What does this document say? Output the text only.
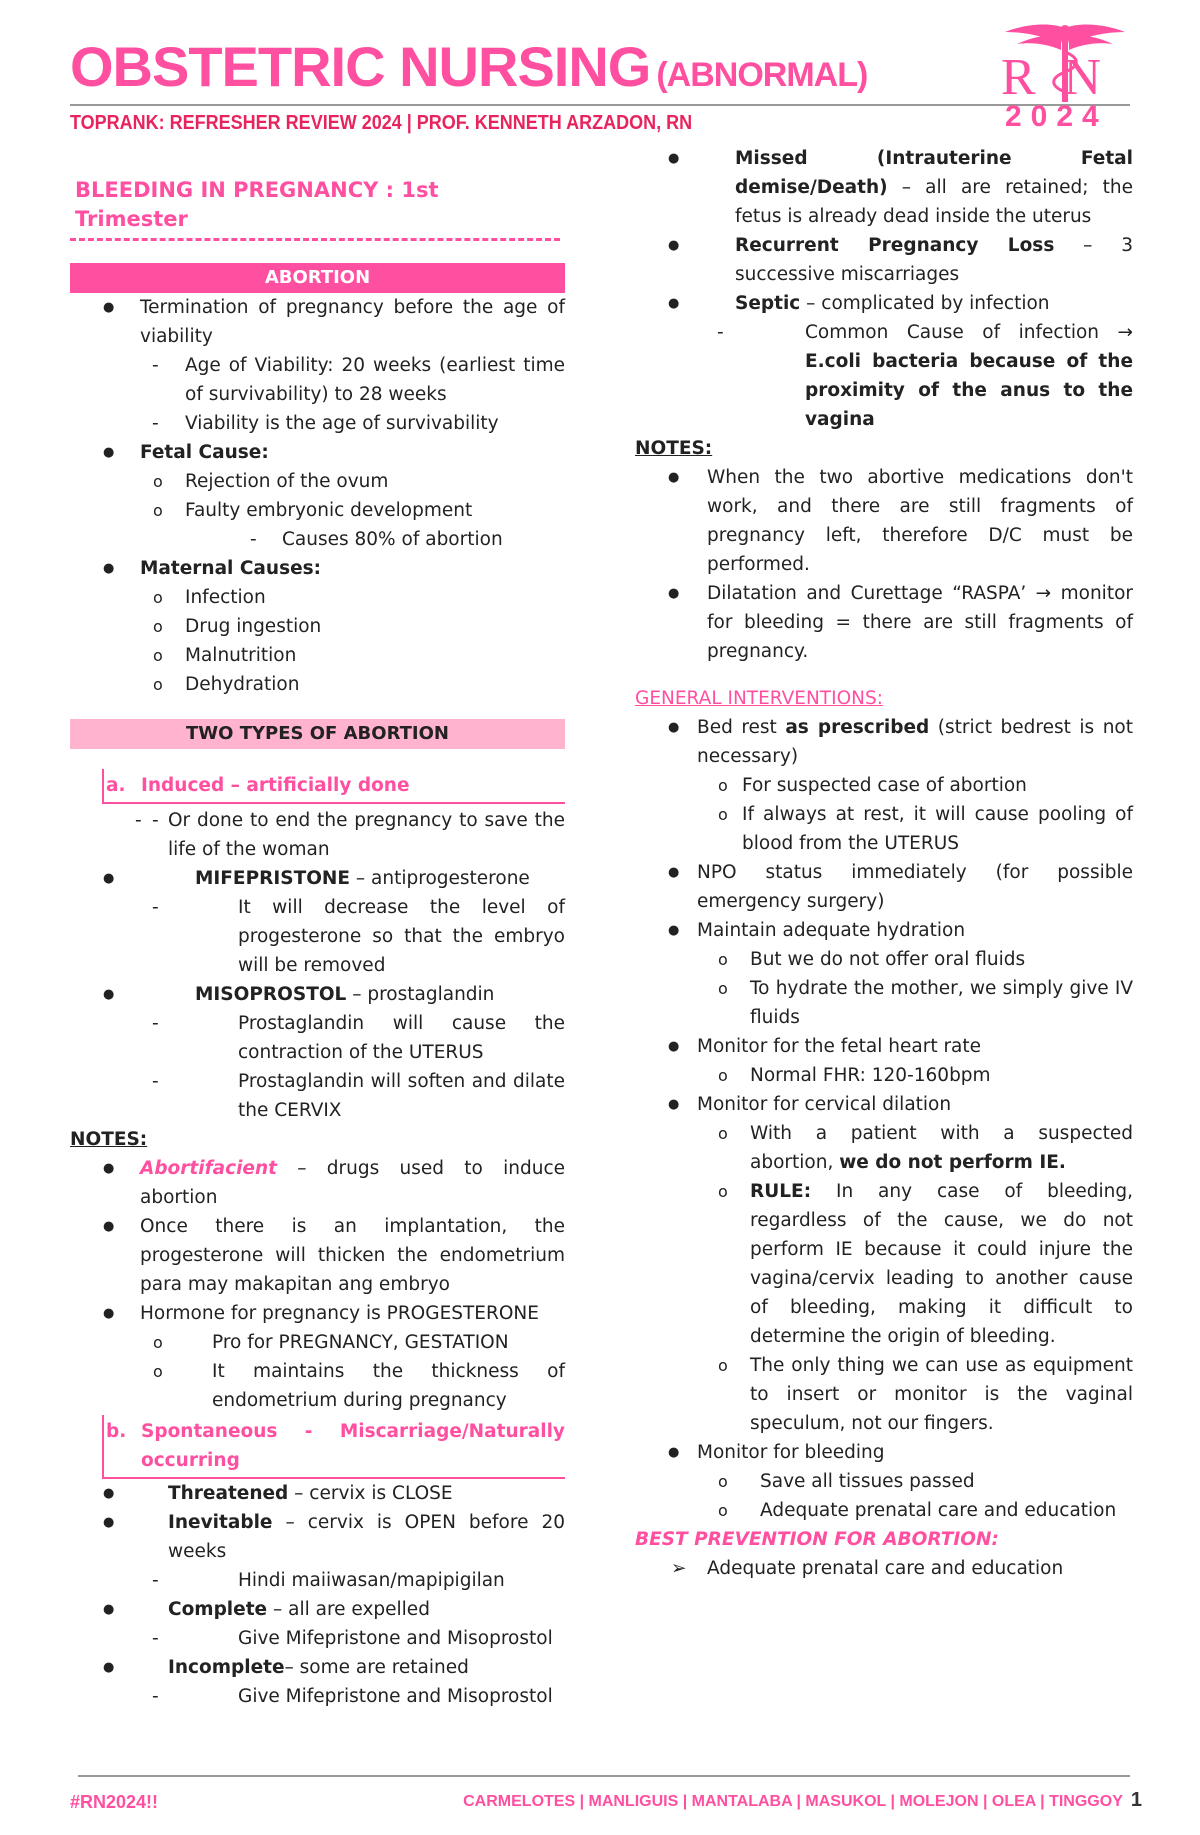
OBSTETRIC NURSING (ABNORMAL)
TOPRANK: REFRESHER REVIEW 2024 | PROF. KENNETH ARZADON, RN
RN
2024
BLEEDING IN PREGNANCY : 1st Trimester
ABORTION
● Termination of pregnancy before the age of viability
- Age of Viability: 20 weeks (earliest time of survivability) to 28 weeks
- Viability is the age of survivability
● Fetal Cause:
o Rejection of the ovum
o Faulty embryonic development
- Causes 80% of abortion
● Maternal Causes:
o Infection
o Drug ingestion
o Malnutrition
o Dehydration
TWO TYPES OF ABORTION
a. Induced – artificially done
- Or done to end the pregnancy to save the life of the woman
-
● MIFEPRISTONE – antiprogesterone
- It will decrease the level of progesterone so that the embryo will be removed
● MISOPROSTOL – prostaglandin
- Prostaglandin will cause the contraction of the UTERUS
- Prostaglandin will soften and dilate the CERVIX
NOTES:
● Abortifacient – drugs used to induce abortion
● Once there is an implantation, the progesterone will thicken the endometrium para may makapitan ang embryo
● Hormone for pregnancy is PROGESTERONE
o Pro for PREGNANCY, GESTATION
o It maintains the thickness of endometrium during pregnancy
b. Spontaneous - Miscarriage/Naturally occurring
● Threatened – cervix is CLOSE
● Inevitable – cervix is OPEN before 20 weeks
- Hindi maiiwasan/mapipigilan
● Complete – all are expelled
- Give Mifepristone and Misoprostol
● Incomplete– some are retained
- Give Mifepristone and Misoprostol
● Missed (Intrauterine Fetal demise/Death) – all are retained; the fetus is already dead inside the uterus
● Recurrent Pregnancy Loss – 3 successive miscarriages
● Septic – complicated by infection
- Common Cause of infection → E.coli bacteria because of the proximity of the anus to the vagina
NOTES:
● When the two abortive medications don't work, and there are still fragments of pregnancy left, therefore D/C must be performed.
● Dilatation and Curettage “RASPA’ → monitor for bleeding = there are still fragments of pregnancy.
GENERAL INTERVENTIONS:
● Bed rest as prescribed (strict bedrest is not necessary)
o For suspected case of abortion
o If always at rest, it will cause pooling of blood from the UTERUS
● NPO status immediately (for possible emergency surgery)
● Maintain adequate hydration
o But we do not offer oral fluids
o To hydrate the mother, we simply give IV fluids
● Monitor for the fetal heart rate
o Normal FHR: 120-160bpm
● Monitor for cervical dilation
o With a patient with a suspected abortion, we do not perform IE.
o RULE: In any case of bleeding, regardless of the cause, we do not perform IE because it could injure the vagina/cervix leading to another cause of bleeding, making it difficult to determine the origin of bleeding.
o The only thing we can use as equipment to insert or monitor is the vaginal speculum, not our fingers.
● Monitor for bleeding
o Save all tissues passed
o Adequate prenatal care and education
BEST PREVENTION FOR ABORTION:
➢ Adequate prenatal care and education
#RN2024!!	CARMELOTES | MANLIGUIS | MANTALABA | MASUKOL | MOLEJON | OLEA | TINGGOY 1
